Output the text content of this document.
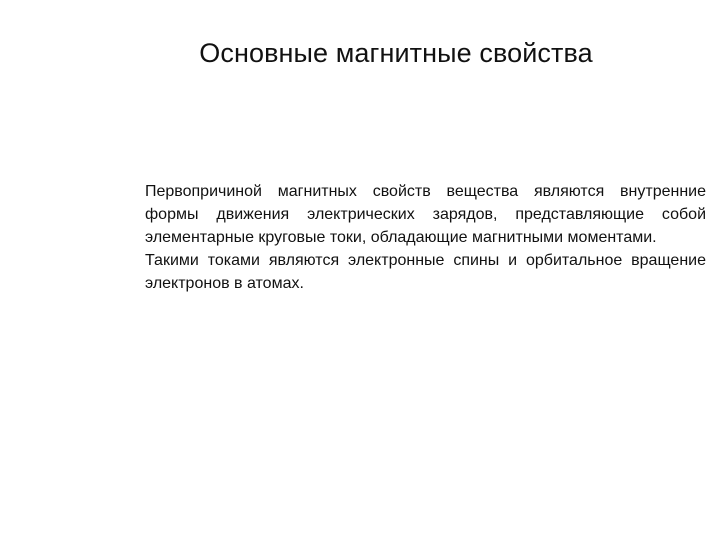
Основные магнитные свойства

Первопричиной магнитных свойств вещества являются внутренние формы движения электрических зарядов, представляющие собой элементарные круговые токи, обладающие магнитными моментами.

Такими токами являются электронные спины и орбитальное вращение электронов в атомах.
